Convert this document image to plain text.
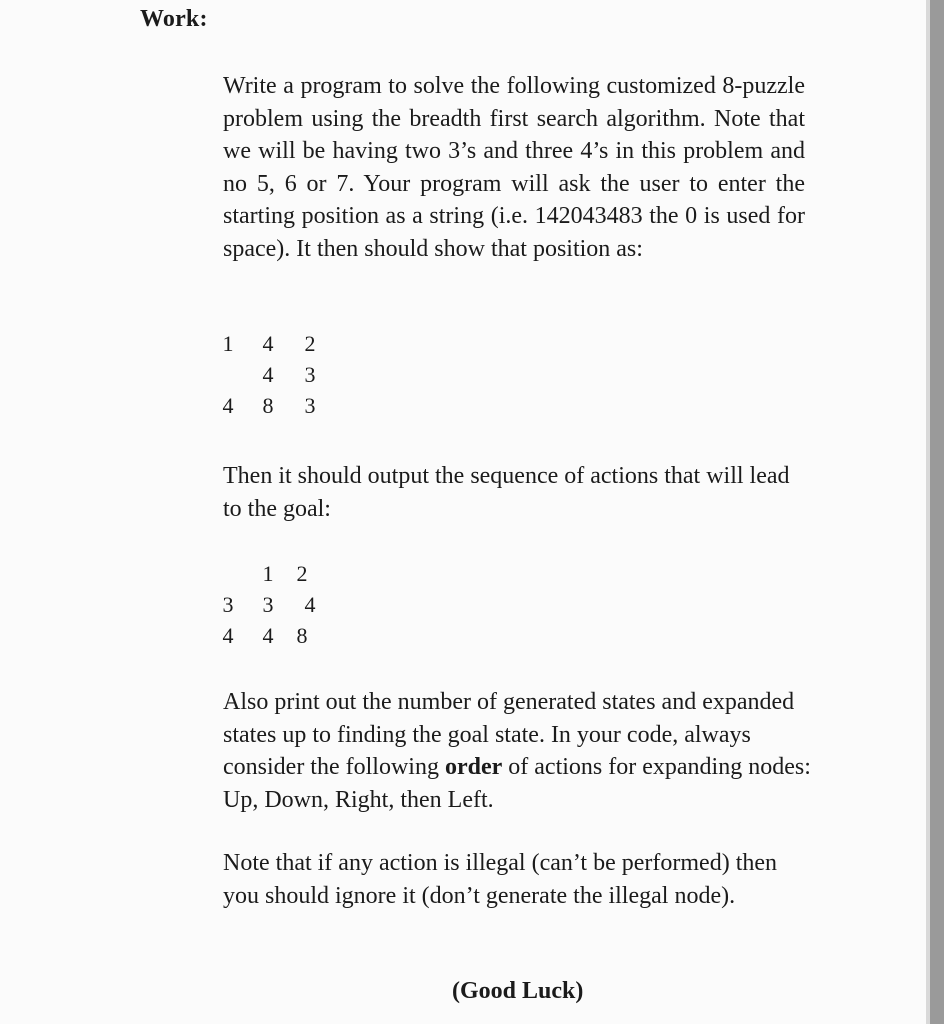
Work:
Write a program to solve the following customized 8-puzzle problem using the breadth first search algorithm. Note that we will be having two 3’s and three 4’s in this problem and no 5, 6 or 7. Your program will ask the user to enter the starting position as a string (i.e. 142043483 the 0 is used for space). It then should show that position as:
1 4 2
4 3
4 8 3
Then it should output the sequence of actions that will lead to the goal:
1 2
3 3 4
4 4 8
Also print out the number of generated states and expanded states up to finding the goal state. In your code, always consider the following order of actions for expanding nodes: Up, Down, Right, then Left.
Note that if any action is illegal (can’t be performed) then you should ignore it (don’t generate the illegal node).
(Good Luck)
